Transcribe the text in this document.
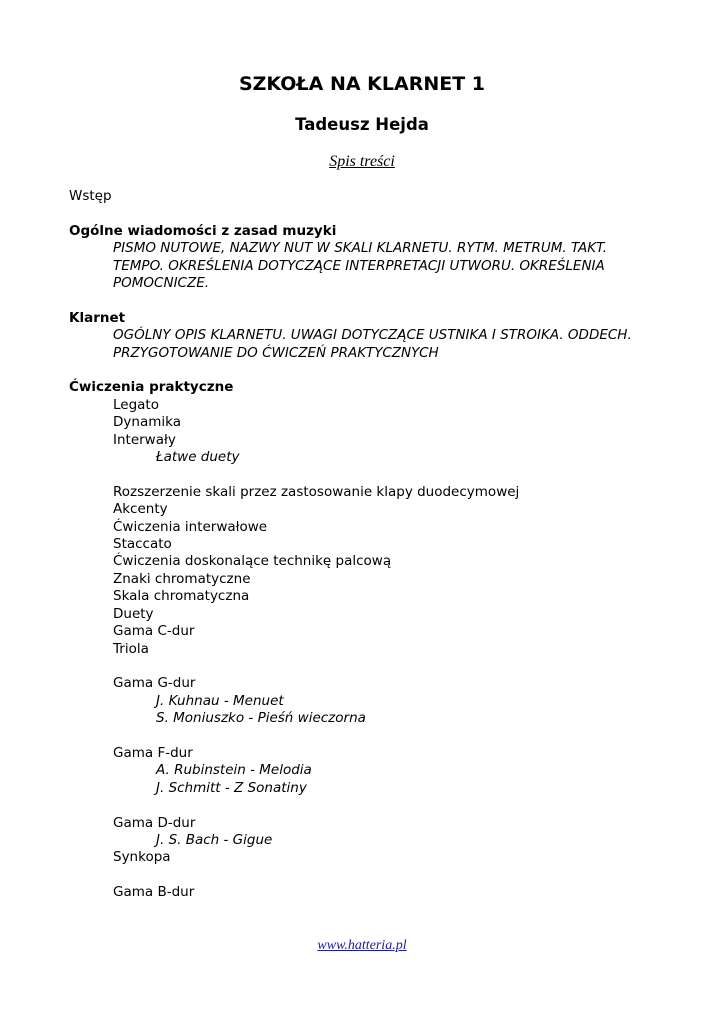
SZKOŁA NA KLARNET 1
Tadeusz Hejda

Spis treści

Wstęp

Ogólne wiadomości z zasad muzyki

PISMO NUTOWE, NAZWY NUT W SKALI KLARNETU. RYTM. METRUM. TAKT.

TEMPO. OKREŚLENIA DOTYCZĄCE INTERPRETACJI UTWORU. OKREŚLENIA

POMOCNICZE.

Klarnet

OGÓLNY OPIS KLARNETU. UWAGI DOTYCZĄCE USTNIKA I STROIKA. ODDECH.

PRZYGOTOWANIE DO ĆWICZEŃ PRAKTYCZNYCH

Ćwiczenia praktyczne

Legato

Dynamika

Interwały

Łatwe duety

Rozszerzenie skali przez zastosowanie klapy duodecymowej

Akcenty

Ćwiczenia interwałowe

Staccato

Ćwiczenia doskonalące technikę palcową

Znaki chromatyczne

Skala chromatyczna

Duety

Gama C-dur

Triola

Gama G-dur

J. Kuhnau - Menuet

S. Moniuszko - Pieśń wieczorna

Gama F-dur

A. Rubinstein - Melodia

J. Schmitt - Z Sonatiny

Gama D-dur

J. S. Bach - Gigue

Synkopa

Gama B-dur

www.hatteria.pl
